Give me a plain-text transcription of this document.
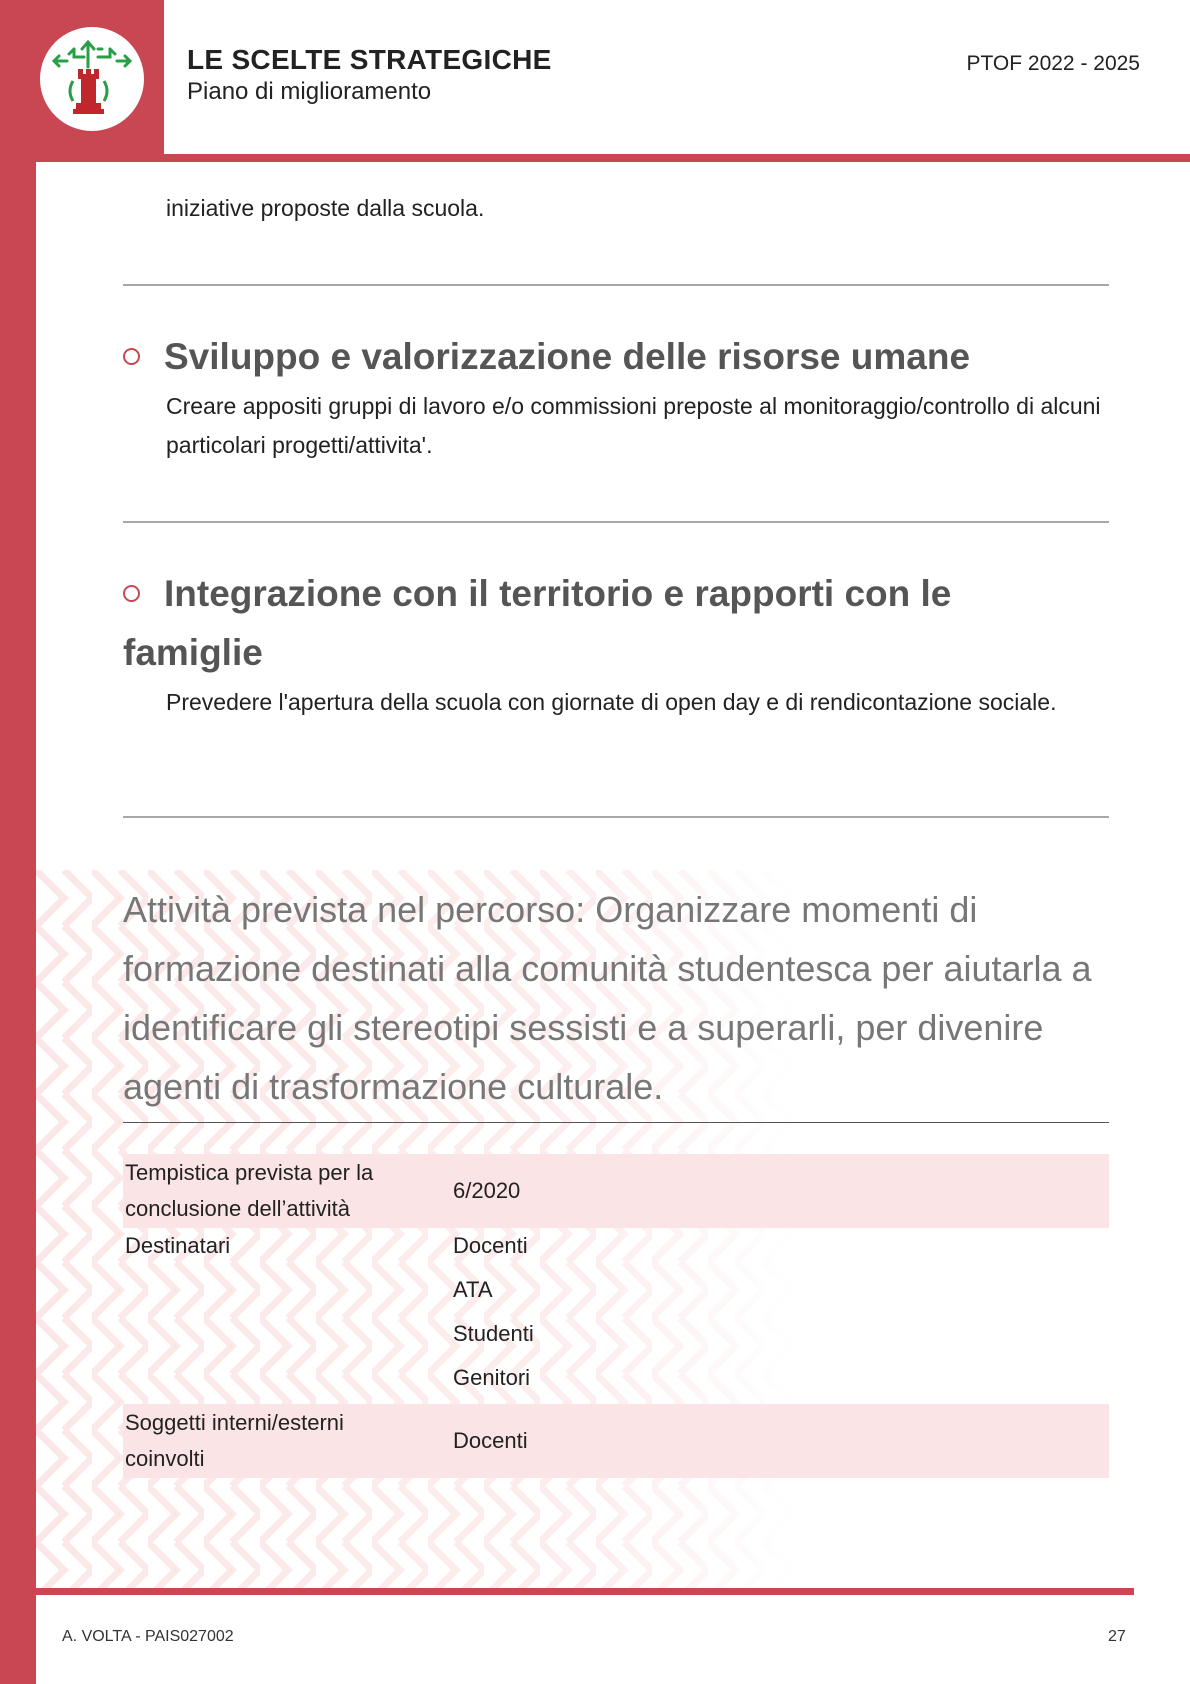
LE SCELTE STRATEGICHE
Piano di miglioramento
PTOF 2022 - 2025
iniziative proposte dalla scuola.
Sviluppo e valorizzazione delle risorse umane
Creare appositi gruppi di lavoro e/o commissioni preposte al monitoraggio/controllo di alcuni particolari progetti/attivita'.
Integrazione con il territorio e rapporti con le
famiglie
Prevedere l'apertura della scuola con giornate di open day e di rendicontazione sociale.
Attività prevista nel percorso: Organizzare momenti di formazione destinati alla comunità studentesca per aiutarla a identificare gli stereotipi sessisti e a superarli, per divenire agenti di trasformazione culturale.
Tempistica prevista per la
conclusione dell’attività
6/2020
Destinatari	Docenti
ATA
Studenti
Genitori
Soggetti interni/esterni
coinvolti
Docenti
A. VOLTA - PAIS027002	27
